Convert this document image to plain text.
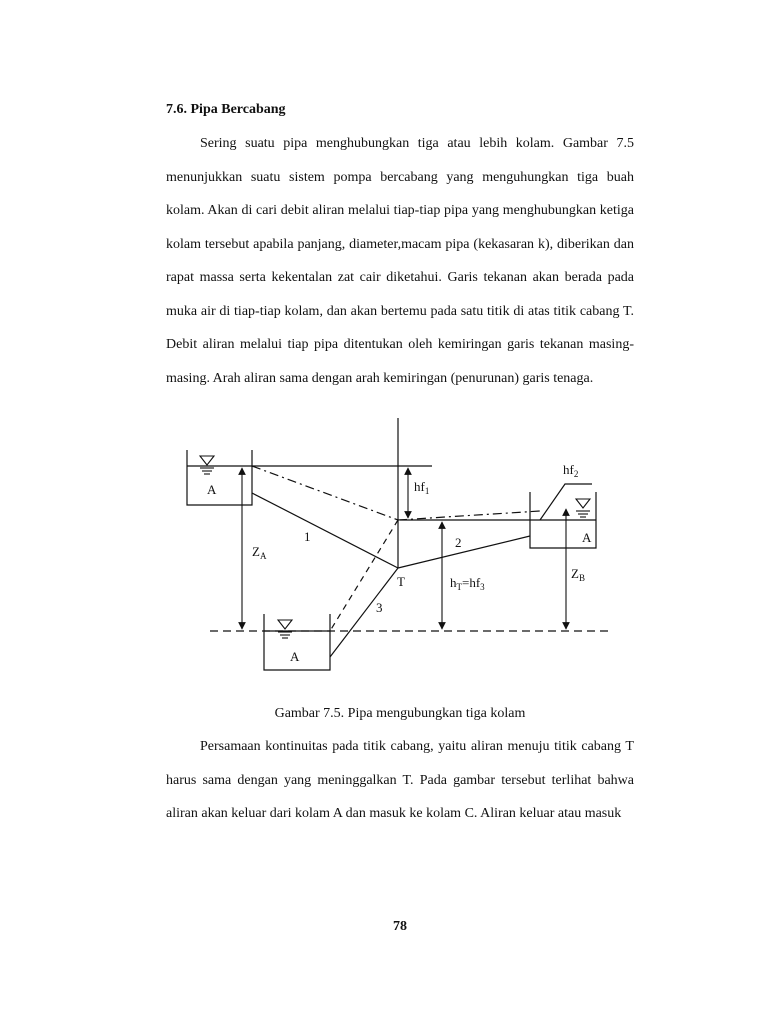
7.6. Pipa Bercabang

Sering suatu pipa menghubungkan tiga atau lebih kolam. Gambar 7.5 menunjukkan suatu sistem pompa bercabang yang menguhungkan tiga buah kolam. Akan di cari debit aliran melalui tiap-tiap pipa yang menghubungkan ketiga kolam tersebut apabila panjang, diameter,macam pipa (kekasaran k), diberikan dan rapat massa serta kekentalan zat cair diketahui. Garis tekanan akan berada pada muka air di tiap-tiap kolam, dan akan bertemu pada satu titik di atas titik cabang T. Debit aliran melalui tiap pipa ditentukan oleh kemiringan garis tekanan masing-masing. Arah aliran sama dengan arah kemiringan (penurunan) garis tenaga.

A
A
A
1	2
3
T
$Z_A$
$Z_B$
$hf_1$
$hf_2$
$h_T=hf_3$
Gambar 7.5. Pipa mengubungkan tiga kolam

Persamaan kontinuitas pada titik cabang, yaitu aliran menuju titik cabang T harus sama dengan yang meninggalkan T. Pada gambar tersebut terlihat bahwa aliran akan keluar dari kolam A dan masuk ke kolam C. Aliran keluar atau masuk

78
